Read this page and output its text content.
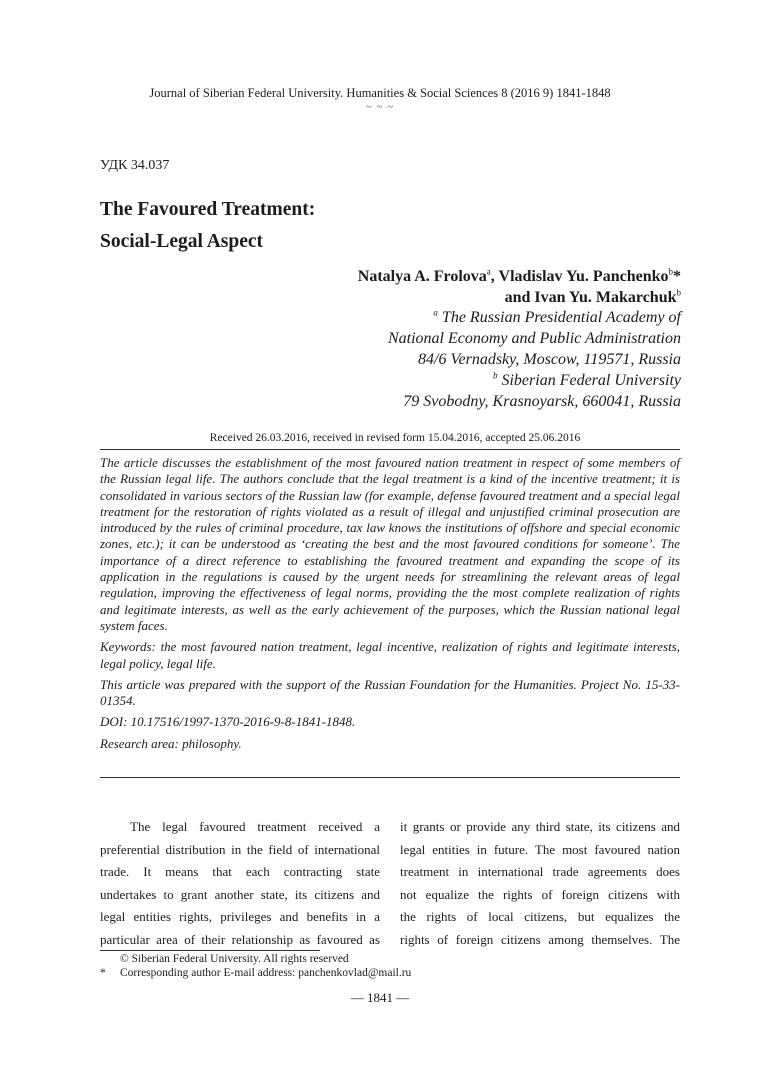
Journal of Siberian Federal University. Humanities & Social Sciences 8 (2016 9) 1841-1848
~ ~ ~
УДК 34.037
The Favoured Treatment:
Social-Legal Aspect
Natalya A. Frolova$^a$, Vladislav Yu. Panchenko$^b$*
and Ivan Yu. Makarchuk$^b$
$^a$ The Russian Presidential Academy of
National Economy and Public Administration
84/6 Vernadsky, Moscow, 119571, Russia
$^b$ Siberian Federal University
79 Svobodny, Krasnoyarsk, 660041, Russia
Received 26.03.2016, received in revised form 15.04.2016, accepted 25.06.2016

The article discusses the establishment of the most favoured nation treatment in respect of some members of the Russian legal life. The authors conclude that the legal treatment is a kind of the incentive treatment; it is consolidated in various sectors of the Russian law (for example, defense favoured treatment and a special legal treatment for the restoration of rights violated as a result of illegal and unjustified criminal prosecution are introduced by the rules of criminal procedure, tax law knows the institutions of offshore and special economic zones, etc.); it can be understood as ‘creating the best and the most favoured conditions for someone’. The importance of a direct reference to establishing the favoured treatment and expanding the scope of its application in the regulations is caused by the urgent needs for streamlining the relevant areas of legal regulation, improving the effectiveness of legal norms, providing the the most complete realization of rights and legitimate interests, as well as the early achievement of the purposes, which the Russian national legal system faces.

Keywords: the most favoured nation treatment, legal incentive, realization of rights and legitimate interests, legal policy, legal life.

This article was prepared with the support of the Russian Foundation for the Humanities. Project No. 15-33-01354.

DOI: 10.17516/1997-1370-2016-9-8-1841-1848.

Research area: philosophy.

The legal favoured treatment received a
preferential distribution in the field of international
trade. It means that each contracting state
undertakes to grant another state, its citizens and
legal entities rights, privileges and benefits in a
particular area of their relationship as favoured as
it grants or provide any third state, its citizens and
legal entities in future. The most favoured nation
treatment in international trade agreements does
not equalize the rights of foreign citizens with
the rights of local citizens, but equalizes the
rights of foreign citizens among themselves. The
© Siberian Federal University. All rights reserved
* Corresponding author E-mail address: panchenkovlad@mail.ru
— 1841 —
